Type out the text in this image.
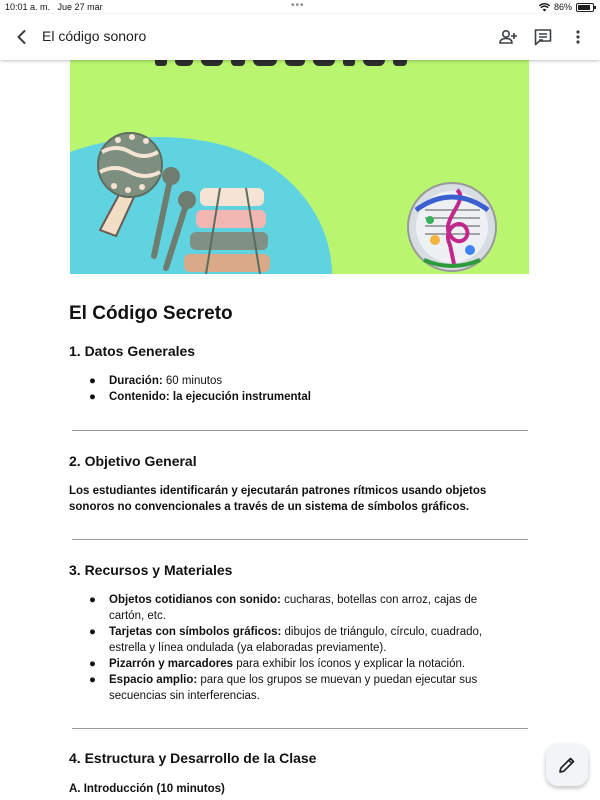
10:01 a. m. Jue 27 mar	•••	86%
El código sonoro
El Código Secreto
1. Datos Generales
● Duración: 60 minutos
● Contenido: la ejecución instrumental
2. Objetivo General

Los estudiantes identificarán y ejecutarán patrones rítmicos usando objetos sonoros no convencionales a través de un sistema de símbolos gráficos.

3. Recursos y Materiales
● Objetos cotidianos con sonido: cucharas, botellas con arroz, cajas de cartón, etc.
● Tarjetas con símbolos gráficos: dibujos de triángulo, círculo, cuadrado, estrella y línea ondulada (ya elaboradas previamente).
● Pizarrón y marcadores para exhibir los íconos y explicar la notación.
● Espacio amplio: para que los grupos se muevan y puedan ejecutar sus secuencias sin interferencias.
4. Estructura y Desarrollo de la Clase

A. Introducción (10 minutos)
